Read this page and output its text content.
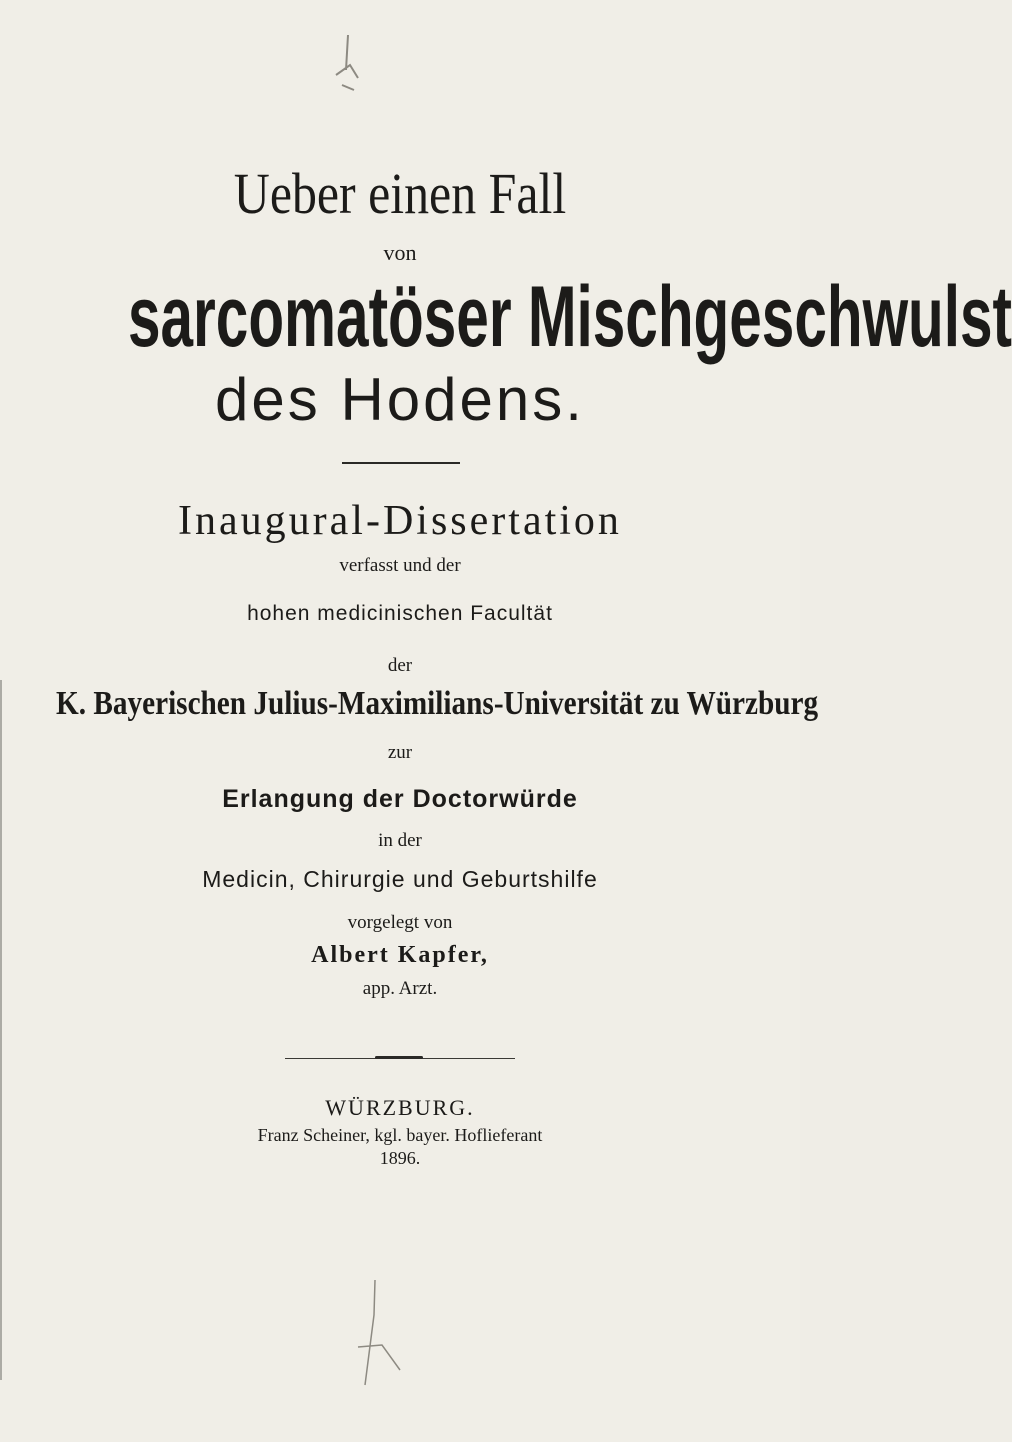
Ueber einen Fall
von
sarcomatöser Mischgeschwulst
des Hodens.
Inaugural-Dissertation
verfasst und der
hohen medicinischen Facultät
der
K. Bayerischen Julius-Maximilians-Universität zu Würzburg
zur
Erlangung der Doctorwürde
in der
Medicin, Chirurgie und Geburtshilfe
vorgelegt von
Albert Kapfer,
app. Arzt.
WÜRZBURG.
Franz Scheiner, kgl. bayer. Hoflieferant
1896.
